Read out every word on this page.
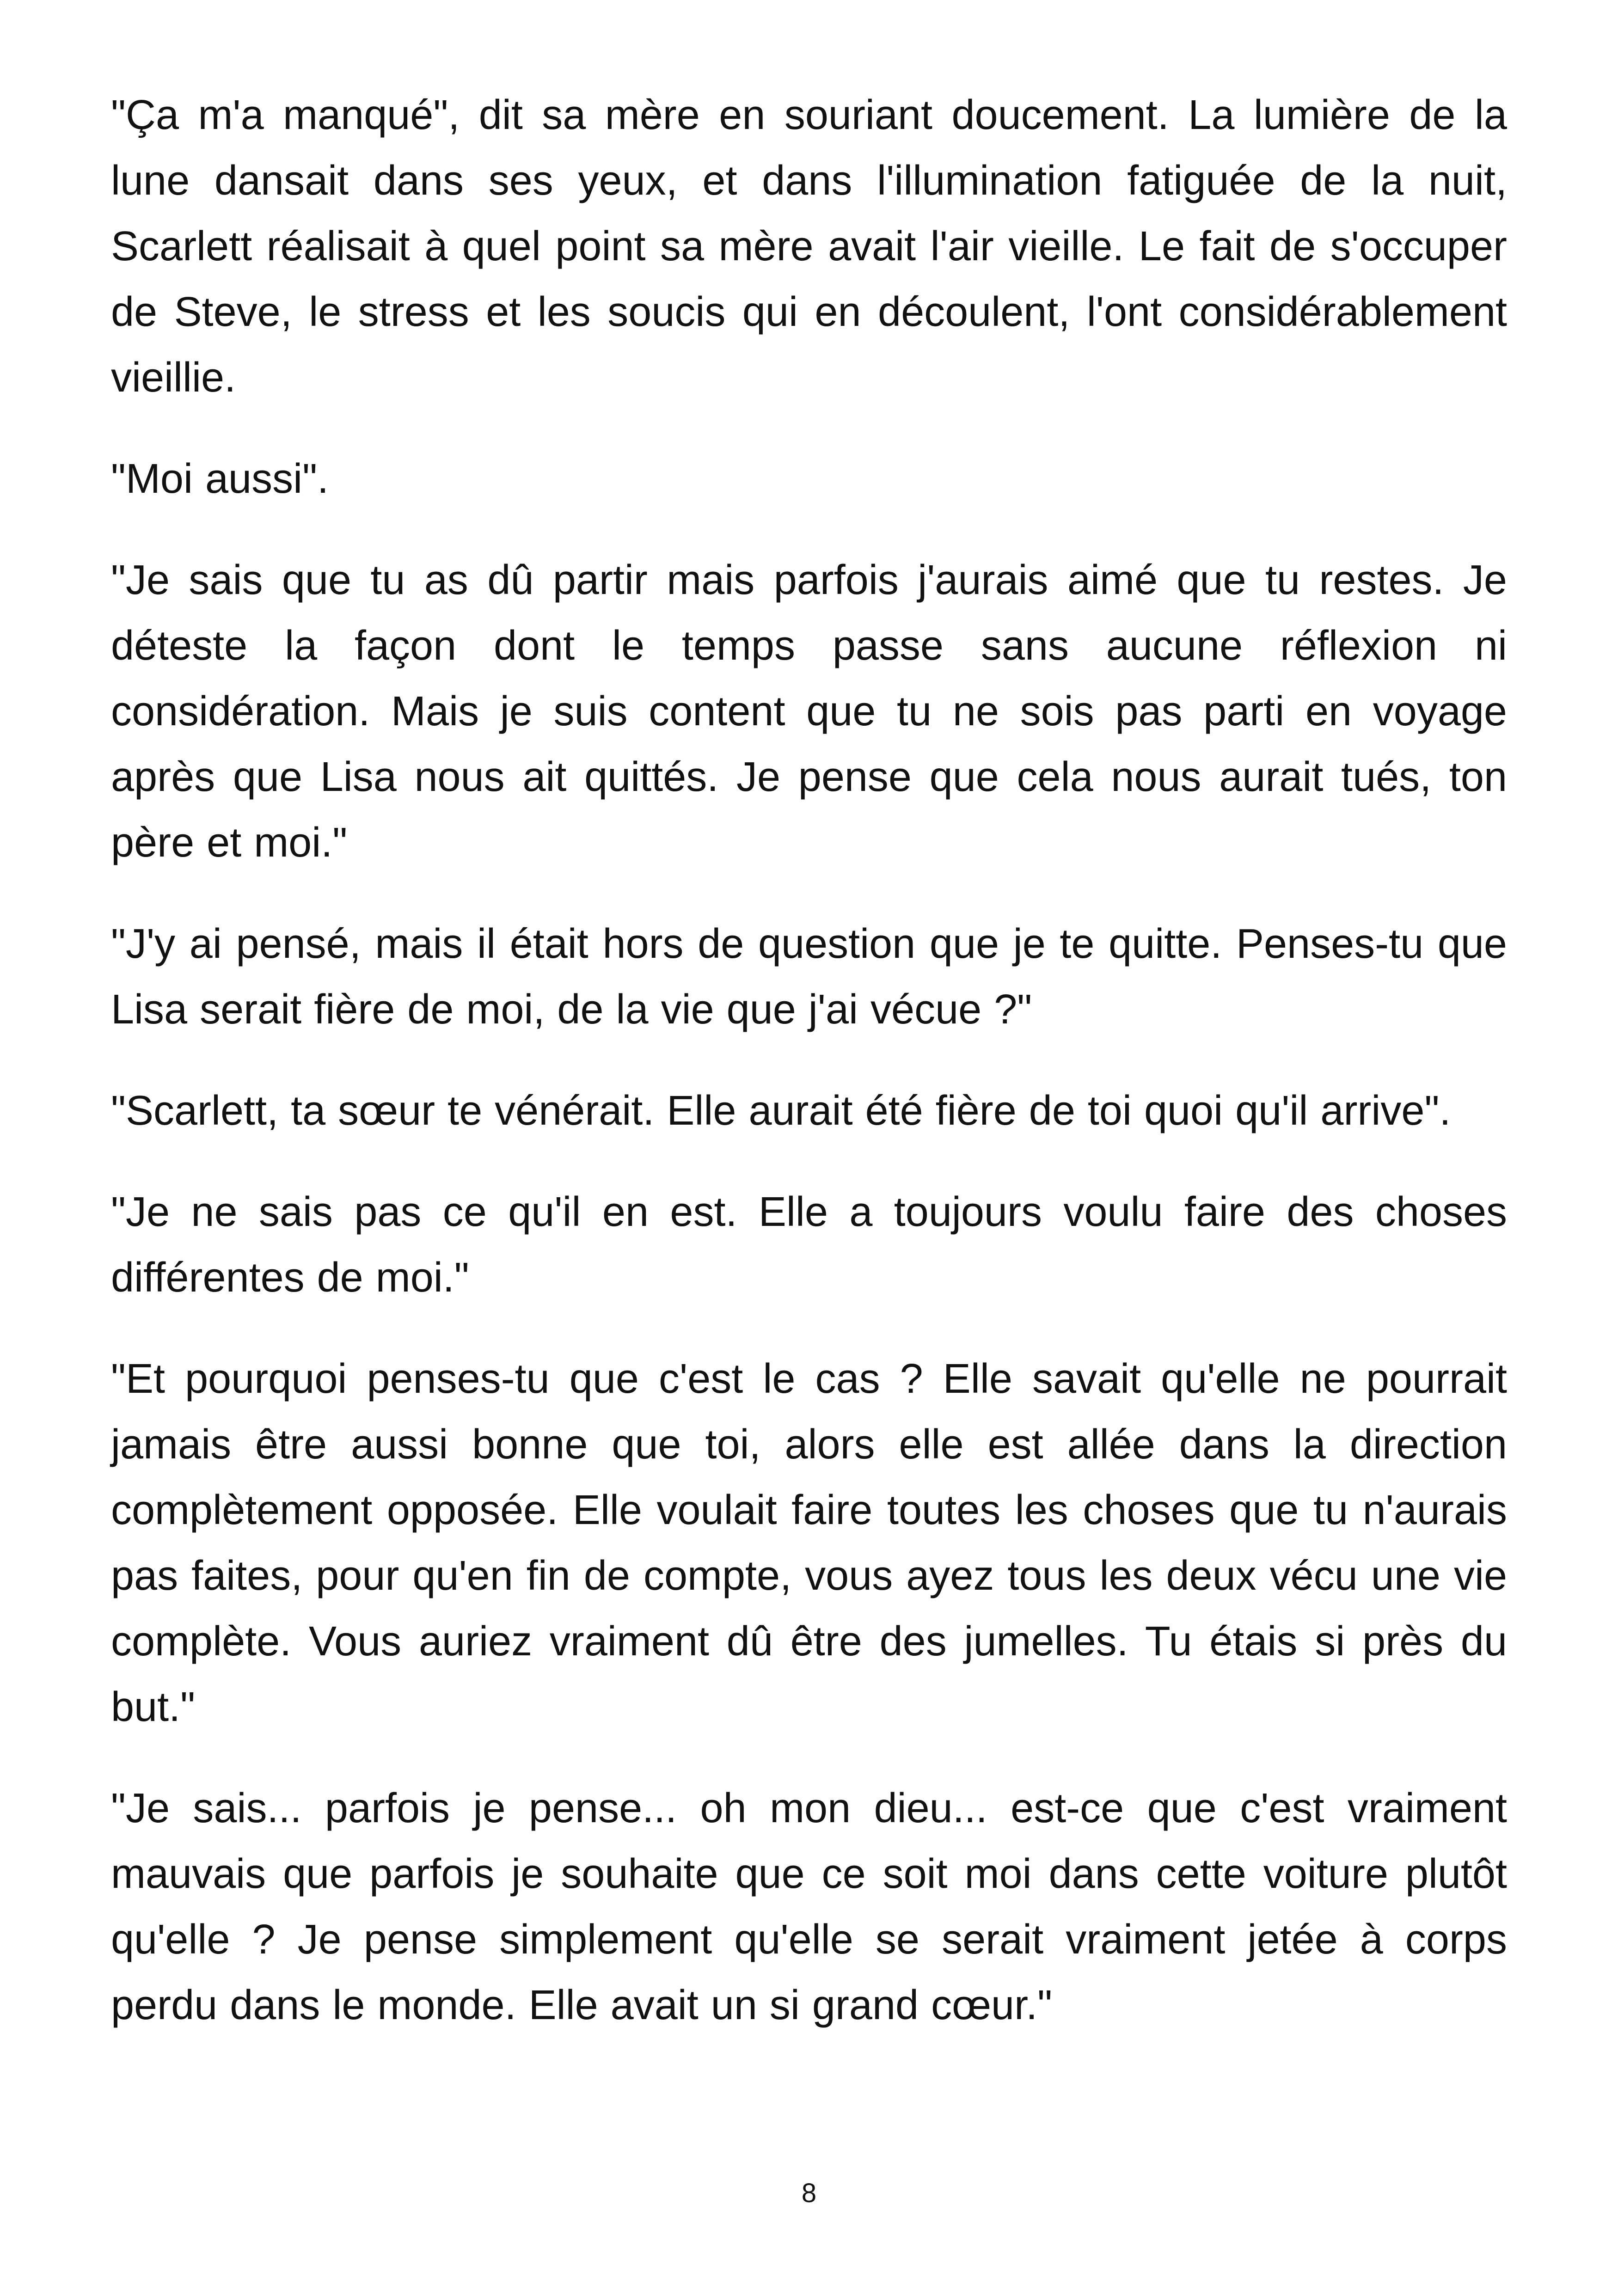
"Ça m'a manqué", dit sa mère en souriant doucement. La lumière de la lune dansait dans ses yeux, et dans l'illumination fatiguée de la nuit, Scarlett réalisait à quel point sa mère avait l'air vieille. Le fait de s'occuper de Steve, le stress et les soucis qui en découlent, l'ont considérablement vieillie.

"Moi aussi".

"Je sais que tu as dû partir mais parfois j'aurais aimé que tu restes. Je déteste la façon dont le temps passe sans aucune réflexion ni considération. Mais je suis content que tu ne sois pas parti en voyage après que Lisa nous ait quittés. Je pense que cela nous aurait tués, ton père et moi."

"J'y ai pensé, mais il était hors de question que je te quitte. Penses-tu que Lisa serait fière de moi, de la vie que j'ai vécue ?"

"Scarlett, ta sœur te vénérait. Elle aurait été fière de toi quoi qu'il arrive".

"Je ne sais pas ce qu'il en est. Elle a toujours voulu faire des choses différentes de moi."

"Et pourquoi penses-tu que c'est le cas ? Elle savait qu'elle ne pourrait jamais être aussi bonne que toi, alors elle est allée dans la direction complètement opposée. Elle voulait faire toutes les choses que tu n'aurais pas faites, pour qu'en fin de compte, vous ayez tous les deux vécu une vie complète. Vous auriez vraiment dû être des jumelles. Tu étais si près du but."

"Je sais... parfois je pense... oh mon dieu... est-ce que c'est vraiment mauvais que parfois je souhaite que ce soit moi dans cette voiture plutôt qu'elle ? Je pense simplement qu'elle se serait vraiment jetée à corps perdu dans le monde. Elle avait un si grand cœur."

8
